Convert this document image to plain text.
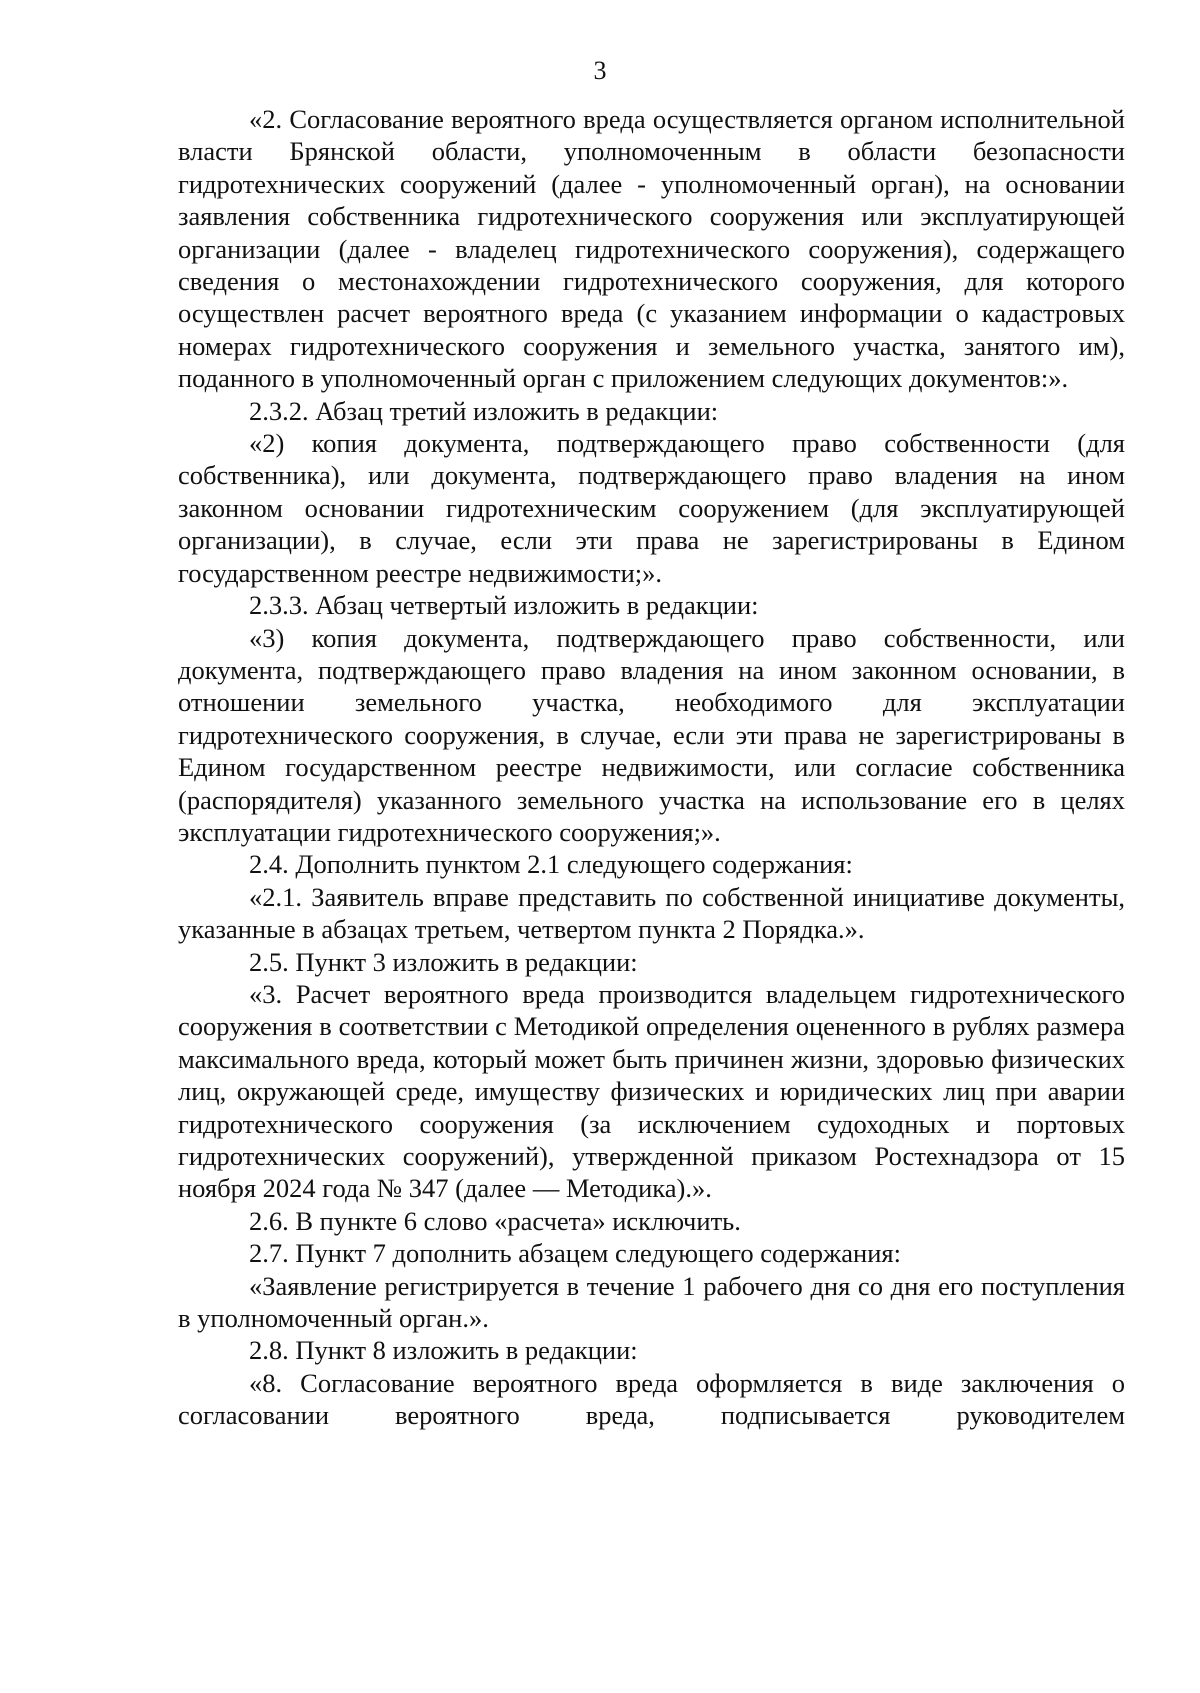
3

«2. Согласование вероятного вреда осуществляется органом исполнительной власти Брянской области, уполномоченным в области безопасности гидротехнических сооружений (далее - уполномоченный орган), на основании заявления собственника гидротехнического сооружения или эксплуатирующей организации (далее - владелец гидротехнического сооружения), содержащего сведения о местонахождении гидротехнического сооружения, для которого осуществлен расчет вероятного вреда (с указанием информации о кадастровых номерах гидротехнического сооружения и земельного участка, занятого им), поданного в уполномоченный орган с приложением следующих документов:».

2.3.2. Абзац третий изложить в редакции:

«2) копия документа, подтверждающего право собственности (для собственника), или документа, подтверждающего право владения на ином законном основании гидротехническим сооружением (для эксплуатирующей организации), в случае, если эти права не зарегистрированы в Едином государственном реестре недвижимости;».

2.3.3. Абзац четвертый изложить в редакции:

«3) копия документа, подтверждающего право собственности, или документа, подтверждающего право владения на ином законном основании, в отношении земельного участка, необходимого для эксплуатации гидротехнического сооружения, в случае, если эти права не зарегистрированы в Едином государственном реестре недвижимости, или согласие собственника (распорядителя) указанного земельного участка на использование его в целях эксплуатации гидротехнического сооружения;».

2.4. Дополнить пунктом 2.1 следующего содержания:

«2.1. Заявитель вправе представить по собственной инициативе документы, указанные в абзацах третьем, четвертом пункта 2 Порядка.».

2.5. Пункт 3 изложить в редакции:

«3. Расчет вероятного вреда производится владельцем гидротехнического сооружения в соответствии с Методикой определения оцененного в рублях размера максимального вреда, который может быть причинен жизни, здоровью физических лиц, окружающей среде, имуществу физических и юридических лиц при аварии гидротехнического сооружения (за исключением судоходных и портовых гидротехнических сооружений), утвержденной приказом Ростехнадзора от 15 ноября 2024 года № 347 (далее — Методика).».

2.6. В пункте 6 слово «расчета» исключить.

2.7. Пункт 7 дополнить абзацем следующего содержания:

«Заявление регистрируется в течение 1 рабочего дня со дня его поступления в уполномоченный орган.».

2.8. Пункт 8 изложить в редакции:

«8. Согласование вероятного вреда оформляется в виде заключения о согласовании вероятного вреда, подписывается руководителем
